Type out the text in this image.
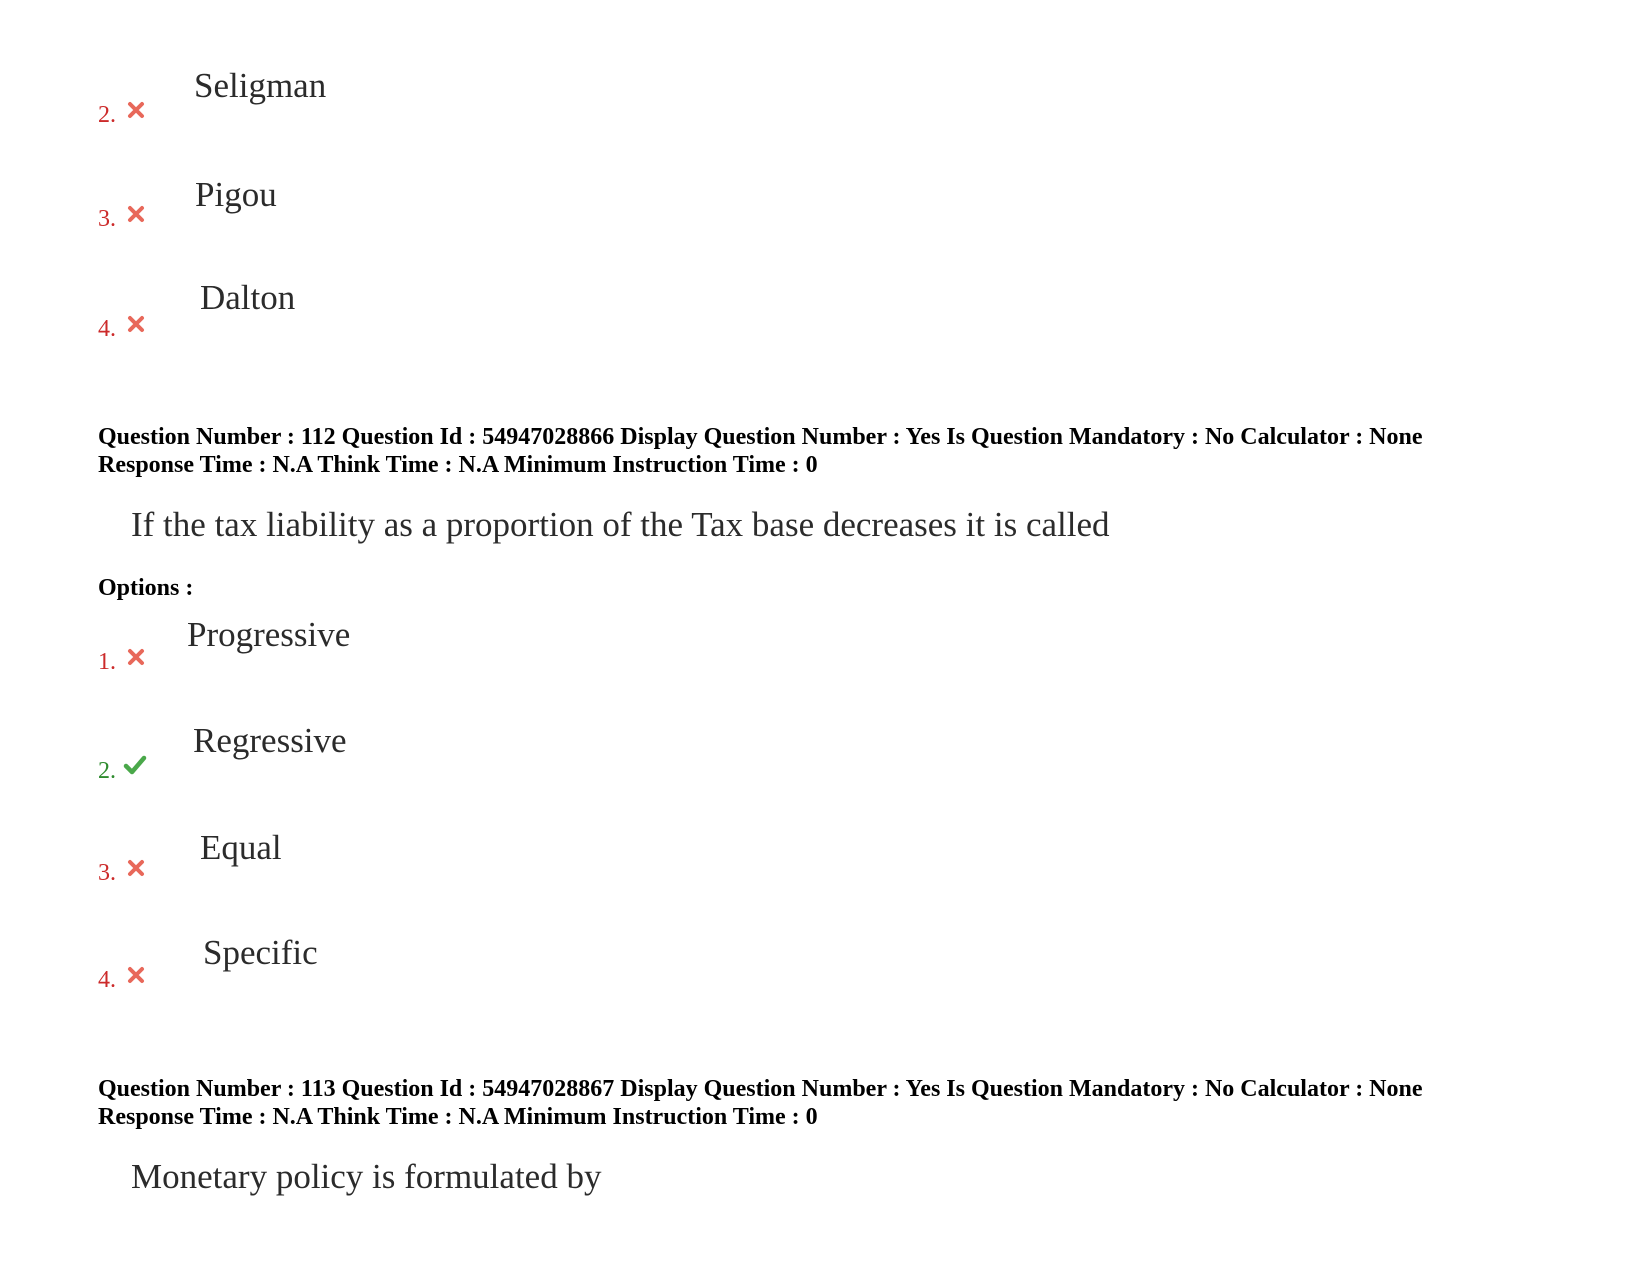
2.
Seligman
3.
Pigou
4.
Dalton
Question Number : 112 Question Id : 54947028866 Display Question Number : Yes Is Question Mandatory : No Calculator : None
Response Time : N.A Think Time : N.A Minimum Instruction Time : 0
If the tax liability as a proportion of the Tax base decreases it is called
Options :
1.
Progressive
2.
Regressive
3.
Equal
4.
Specific
Question Number : 113 Question Id : 54947028867 Display Question Number : Yes Is Question Mandatory : No Calculator : None
Response Time : N.A Think Time : N.A Minimum Instruction Time : 0
Monetary policy is formulated by
